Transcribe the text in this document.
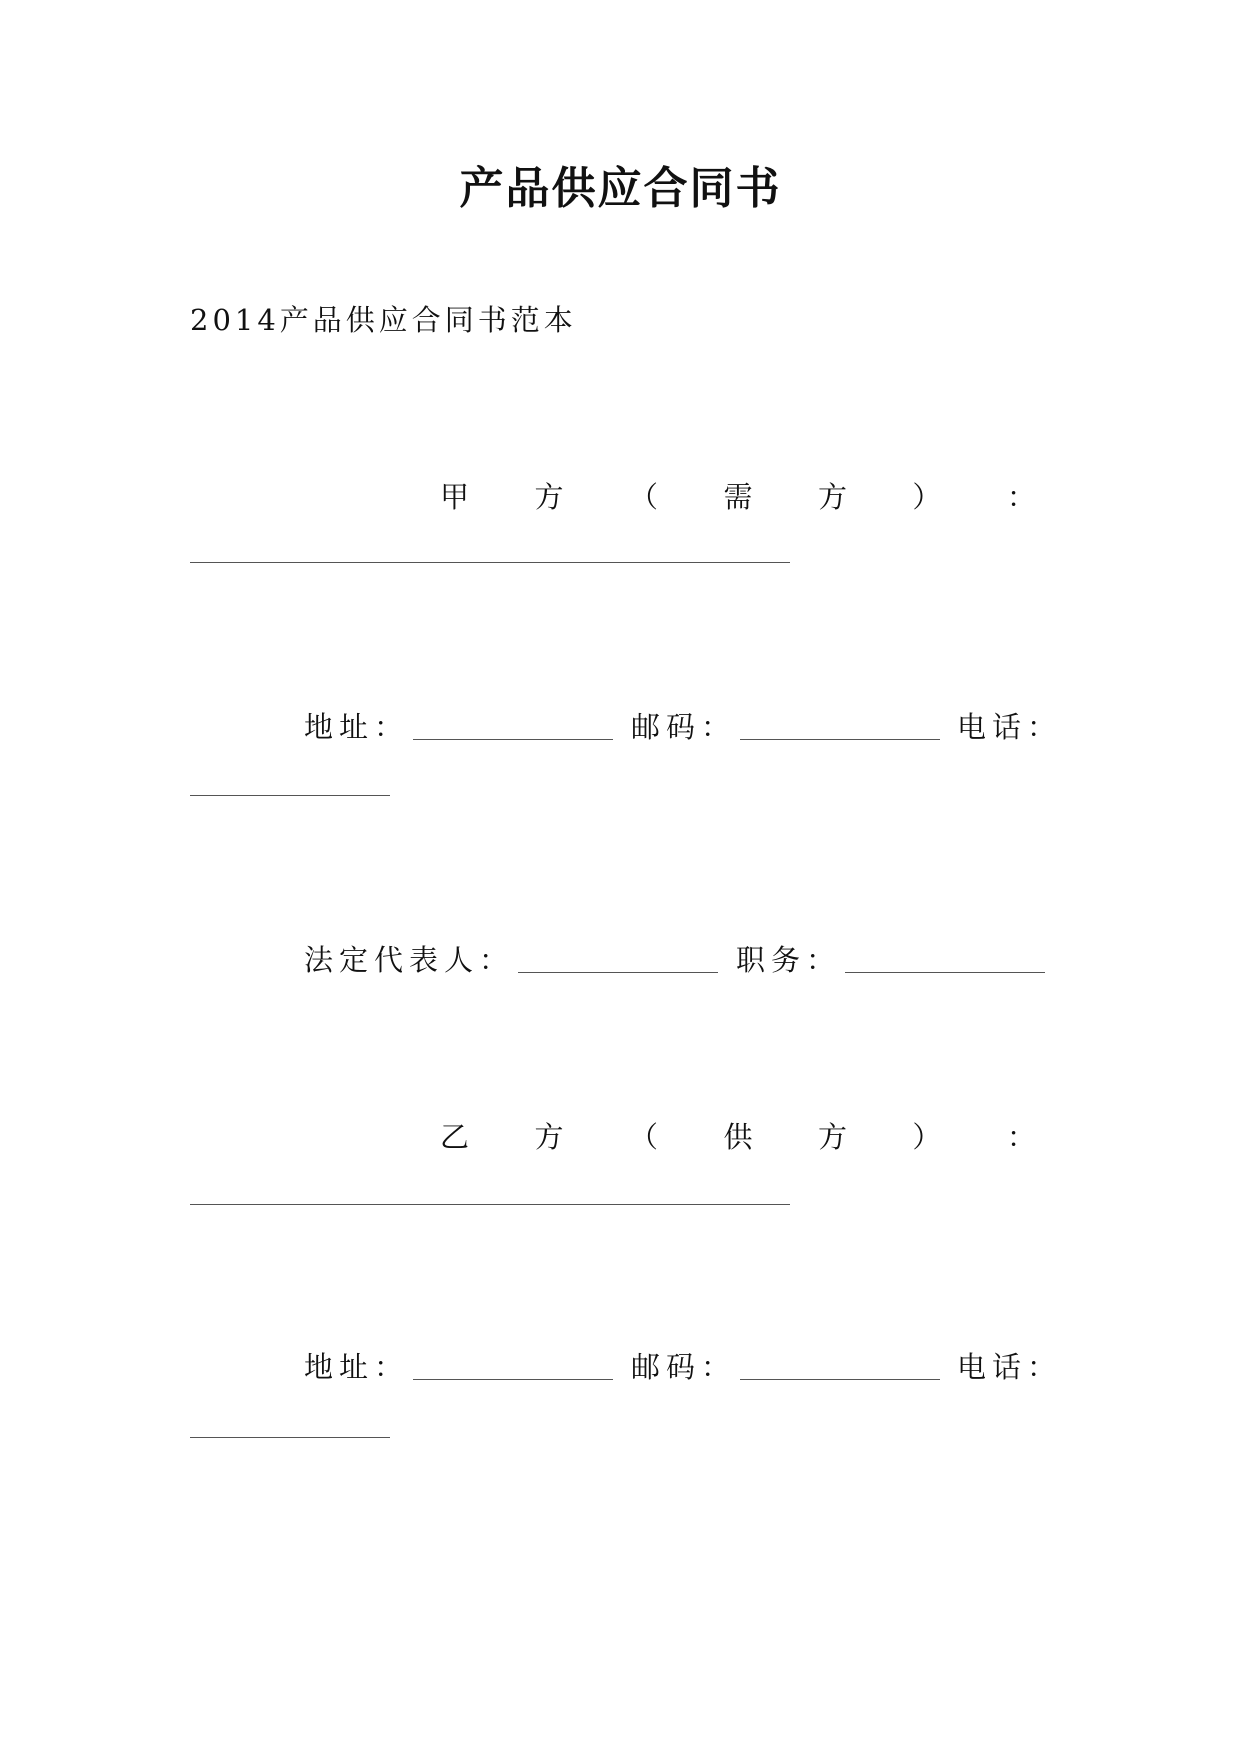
产品供应合同书
2014产品供应合同书范本
甲 方 （ 需 方 ） ：
地址：	邮码：	电话：
法定代表人：	职务：
乙 方 （ 供 方 ） ：
地址：	邮码：	电话：
